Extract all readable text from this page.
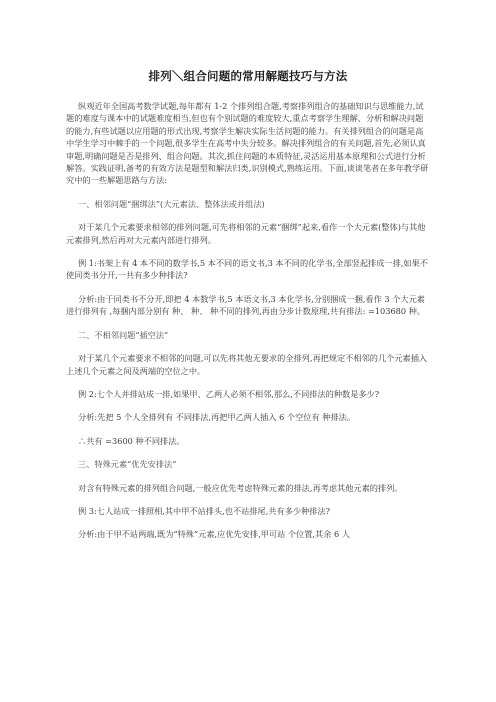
排列＼组合问题的常用解题技巧与方法

纵观近年全国高考数学试题,每年都有 1-2 个排列组合题,考察排列组合的基础知识与思维能力,试题的难度与课本中的试题难度相当,但也有个别试题的难度较大,重点考察学生理解、分析和解决问题的能力,有些试题以应用题的形式出现,考察学生解决实际生活问题的能力。有关排列组合的问题是高中学生学习中棘手的一个问题,很多学生在高考中失分较多。解决排列组合的有关问题,首先,必须认真审题,明确问题是否是排列、组合问题。其次,抓住问题的本质特征,灵活运用基本原理和公式进行分析解答。实践证明,备考的有效方法是题型和解法归类,识别模式,熟练运用。下面,谈谈笔者在多年教学研究中的一些解题思路与方法:

一、相邻问题“捆绑法”(大元素法、整体法或并组法)

对于某几个元素要求相邻的排列问题,可先将相邻的元素“捆绑”起来,看作一个大元素(整体)与其他元素排列,然后再对大元素内部进行排列。

例 1:书架上有 4 本不同的数学书,5 本不同的语文书,3 本不同的化学书,全部竖起排成一排,如果不使同类书分开,一共有多少种排法?

分析:由于同类书不分开,即把 4 本数学书,5 本语文书,3 本化学书,分别捆成一捆,看作 3 个大元素进行排列有 ,每捆内部分别有 种、 种、 种不同的排列,再由分步计数原理,共有排法: =103680 种。

二、不相邻问题“插空法”

对于某几个元素要求不相邻的问题,可以先将其他无要求的全排列,再把规定不相邻的几个元素插入上述几个元素之间及两端的空位之中。

例 2:七个人并排站成一排,如果甲、乙两人必须不相邻,那么,不同排法的种数是多少?

分析:先把 5 个人全排列有 不同排法,再把甲乙两人插入 6 个空位有 种排法。

∴共有 =3600 种不同排法。

三、特殊元素“优先安排法”

对含有特殊元素的排列组合问题,一般应优先考虑特殊元素的排法,再考虑其他元素的排列。

例 3:七人站成一排照相,其中甲不站排头,也不站排尾,共有多少种排法?

分析:由于甲不站两端,既为“特殊”元素,应优先安排,甲可站 个位置,其余 6 人
